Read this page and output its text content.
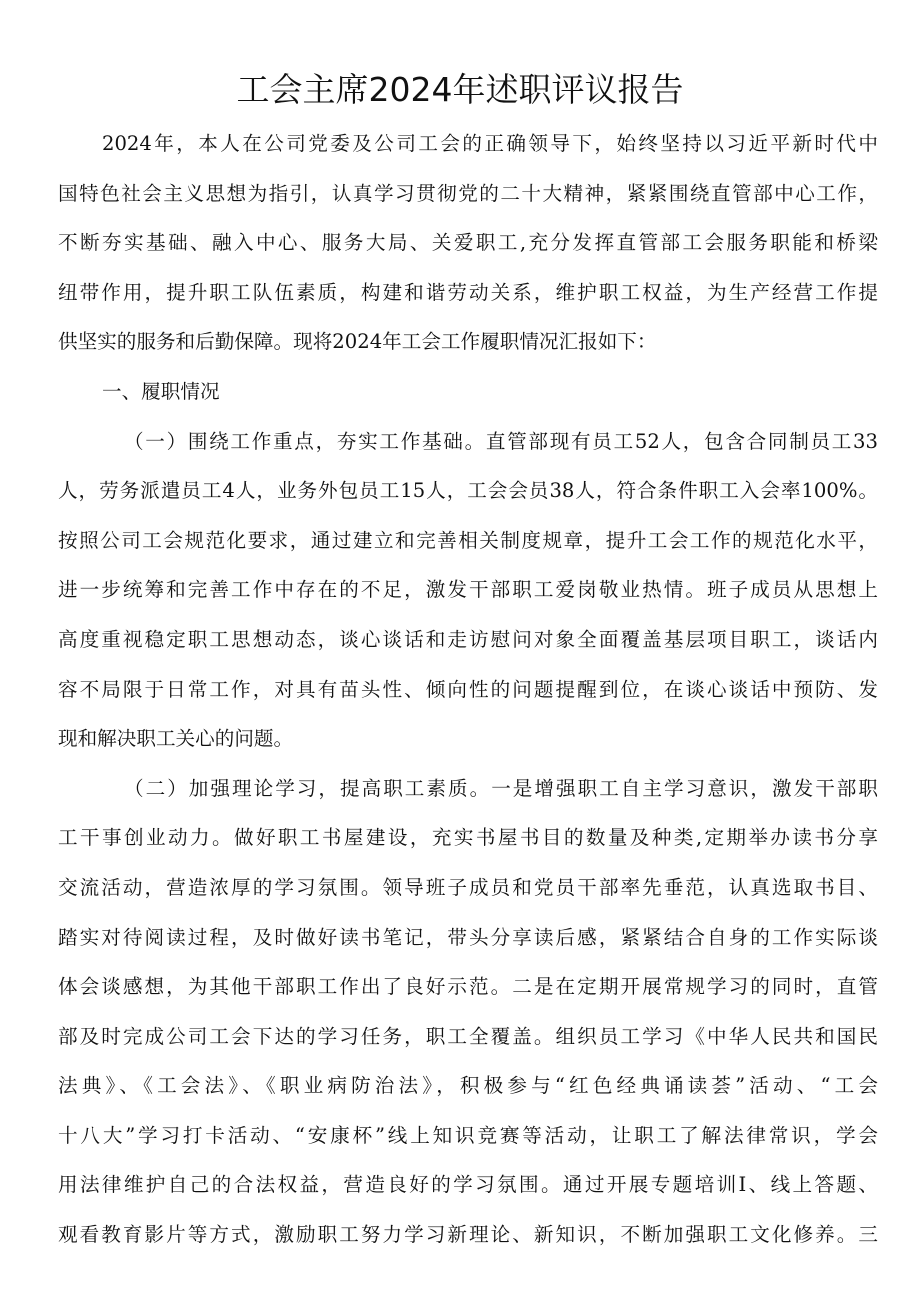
工会主席2024年述职评议报告
2024年，本人在公司党委及公司工会的正确领导下，始终坚持以习近平新时代中
国特色社会主义思想为指引，认真学习贯彻党的二十大精神，紧紧围绕直管部中心工作，
不断夯实基础、融入中心、服务大局、关爱职工,充分发挥直管部工会服务职能和桥梁
纽带作用，提升职工队伍素质，构建和谐劳动关系，维护职工权益，为生产经营工作提
供坚实的服务和后勤保障。现将2024年工会工作履职情况汇报如下：
一、履职情况
（一）围绕工作重点，夯实工作基础。直管部现有员工52人，包含合同制员工33
人，劳务派遣员工4人，业务外包员工15人，工会会员38人，符合条件职工入会率100%。
按照公司工会规范化要求，通过建立和完善相关制度规章，提升工会工作的规范化水平，
进一步统筹和完善工作中存在的不足，激发干部职工爱岗敬业热情。班子成员从思想上
高度重视稳定职工思想动态，谈心谈话和走访慰问对象全面覆盖基层项目职工，谈话内
容不局限于日常工作，对具有苗头性、倾向性的问题提醒到位，在谈心谈话中预防、发
现和解决职工关心的问题。
（二）加强理论学习，提高职工素质。一是增强职工自主学习意识，激发干部职
工干事创业动力。做好职工书屋建设，充实书屋书目的数量及种类,定期举办读书分享
交流活动，营造浓厚的学习氛围。领导班子成员和党员干部率先垂范，认真选取书目、
踏实对待阅读过程，及时做好读书笔记，带头分享读后感，紧紧结合自身的工作实际谈
体会谈感想，为其他干部职工作出了良好示范。二是在定期开展常规学习的同时，直管
部及时完成公司工会下达的学习任务，职工全覆盖。组织员工学习《中华人民共和国民
法典》、《工会法》、《职业病防治法》，积极参与“红色经典诵读荟”活动、“工会
十八大”学习打卡活动、“安康杯”线上知识竞赛等活动，让职工了解法律常识，学会
用法律维护自己的合法权益，营造良好的学习氛围。通过开展专题培训I、线上答题、
观看教育影片等方式，激励职工努力学习新理论、新知识，不断加强职工文化修养。三
